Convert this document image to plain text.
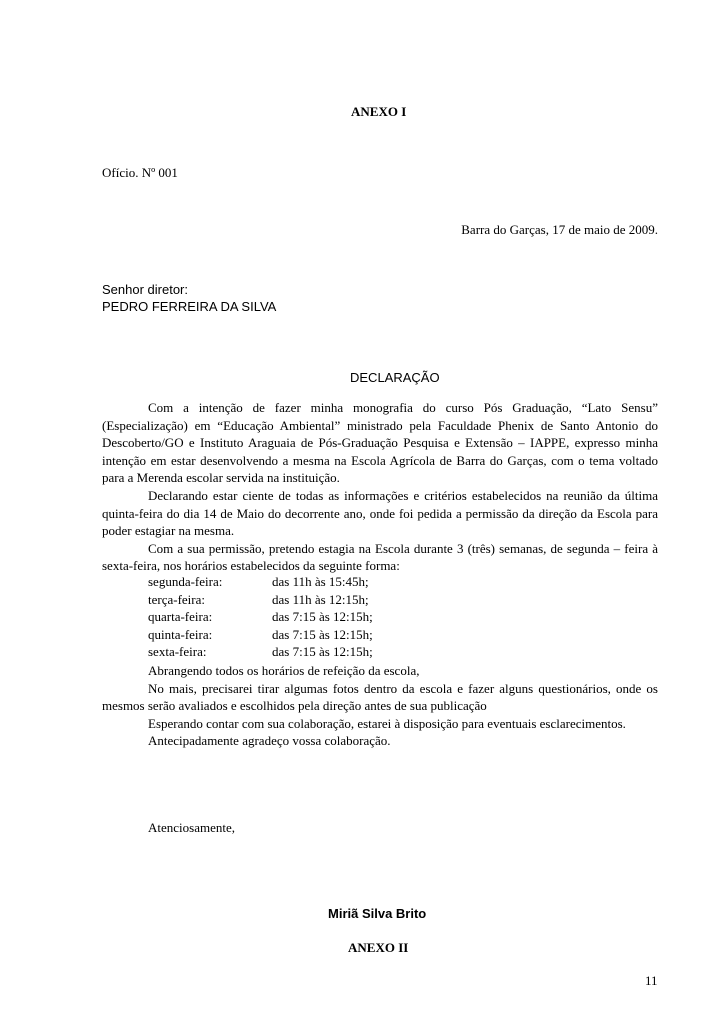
ANEXO I

Ofício. Nº 001

Barra do Garças, 17 de maio de 2009.

Senhor diretor:

PEDRO FERREIRA DA SILVA

DECLARAÇÃO

Com a intenção de fazer minha monografia do curso Pós Graduação, “Lato Sensu” (Especialização) em “Educação Ambiental” ministrado pela Faculdade Phenix de Santo Antonio do Descoberto/GO e Instituto Araguaia de Pós-Graduação Pesquisa e Extensão – IAPPE, expresso minha intenção em estar desenvolvendo a mesma na Escola Agrícola de Barra do Garças, com o tema voltado para a Merenda escolar servida na instituição.

Declarando estar ciente de todas as informações e critérios estabelecidos na reunião da última quinta-feira do dia 14 de Maio do decorrente ano, onde foi pedida a permissão da direção da Escola para poder estagiar na mesma.

Com a sua permissão, pretendo estagia na Escola durante 3 (três) semanas, de segunda – feira à sexta-feira, nos horários estabelecidos da seguinte forma:

segunda-feira:	das 11h às 15:45h;
terça-feira:	das 11h às 12:15h;
quarta-feira:	das 7:15 às 12:15h;
quinta-feira:	das 7:15 às 12:15h;
sexta-feira:	das 7:15 às 12:15h;

Abrangendo todos os horários de refeição da escola,

No mais, precisarei tirar algumas fotos dentro da escola e fazer alguns questionários, onde os mesmos serão avaliados e escolhidos pela direção antes de sua publicação

Esperando contar com sua colaboração, estarei à disposição para eventuais esclarecimentos.

Antecipadamente agradeço vossa colaboração.

Atenciosamente,

Miriã Silva Brito

ANEXO II

11
